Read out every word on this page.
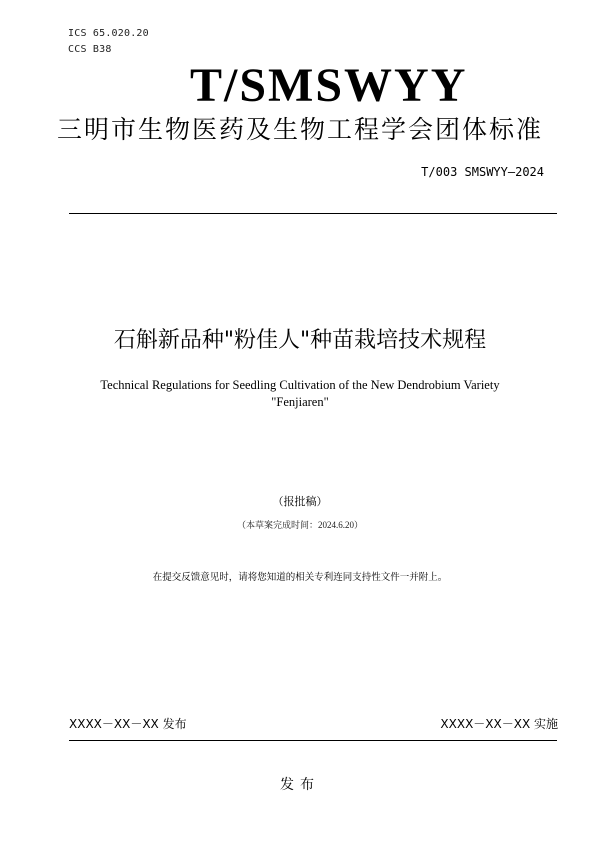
ICS 65.020.20
CCS B38
T/SMSWYY
三明市生物医药及生物工程学会团体标准
T/003 SMSWYY—2024
石斛新品种"粉佳人"种苗栽培技术规程
Technical Regulations for Seedling Cultivation of the New Dendrobium Variety
"Fenjiaren"
（报批稿）
（本草案完成时间：2024.6.20）
在提交反馈意见时，请将您知道的相关专利连同支持性文件一并附上。
XXXX－XX－XX 发布	XXXX－XX－XX 实施
发布
